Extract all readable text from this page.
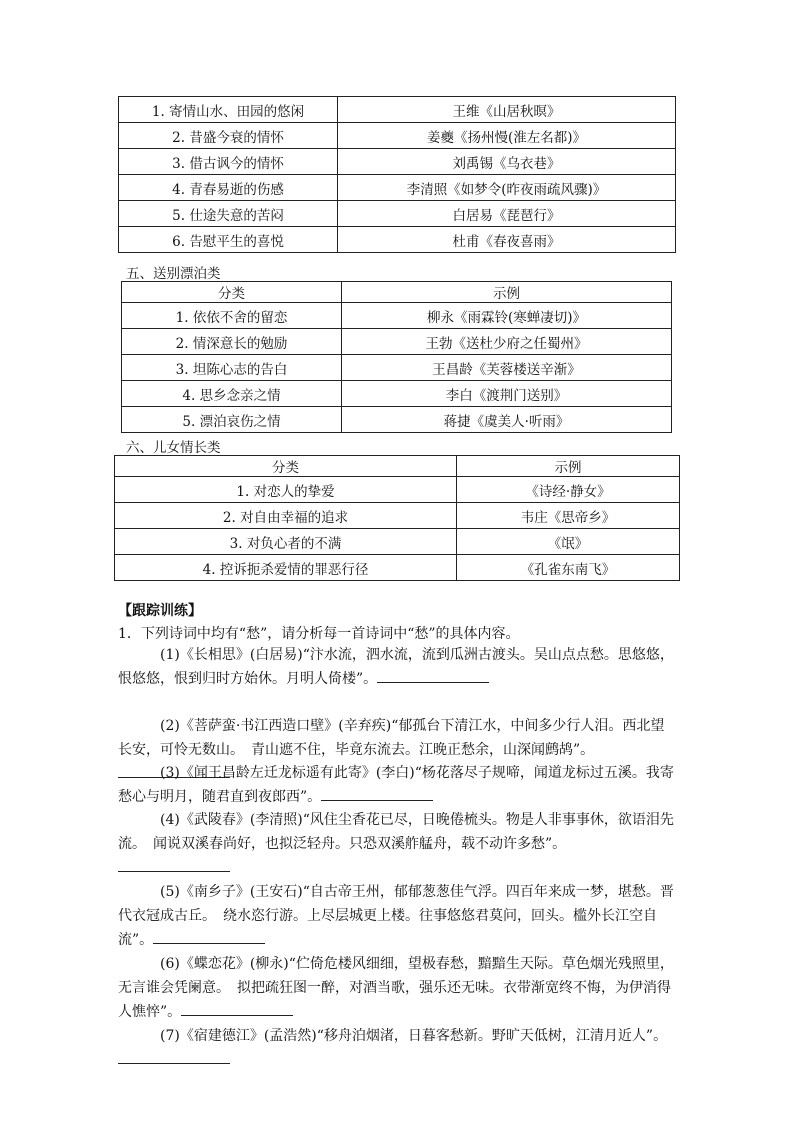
1. 寄情山水、田园的悠闲	王维《山居秋暝》
2. 昔盛今衰的情怀	姜夔《扬州慢(淮左名都)》
3. 借古讽今的情怀	刘禹锡《乌衣巷》
4. 青春易逝的伤感	李清照《如梦令(昨夜雨疏风骤)》
5. 仕途失意的苦闷	白居易《琵琶行》
6. 告慰平生的喜悦	杜甫《春夜喜雨》
五、送别漂泊类
分类	示例
1. 依依不舍的留恋	柳永《雨霖铃(寒蝉凄切)》
2. 情深意长的勉励	王勃《送杜少府之任蜀州》
3. 坦陈心志的告白	王昌龄《芙蓉楼送辛渐》
4. 思乡念亲之情	李白《渡荆门送别》
5. 漂泊哀伤之情	蒋捷《虞美人·听雨》
六、儿女情长类
分类	示例
1. 对恋人的挚爱	《诗经·静女》
2. 对自由幸福的追求	韦庄《思帝乡》
3. 对负心者的不满	《氓》
4. 控诉扼杀爱情的罪恶行径	《孔雀东南飞》
【跟踪训练】
1．下列诗词中均有“愁”，请分析每一首诗词中“愁”的具体内容。
(1)《长相思》(白居易)“汴水流，泗水流，流到瓜洲古渡头。吴山点点愁。思悠悠，恨悠悠，恨到归时方始休。月明人倚楼”。
(2)《菩萨蛮·书江西造口壁》(辛弃疾)“郁孤台下清江水，中间多少行人泪。西北望长安，可怜无数山。　青山遮不住，毕竟东流去。江晚正愁余，山深闻鹧鸪”。
(3)《闻王昌龄左迁龙标遥有此寄》(李白)“杨花落尽子规啼，闻道龙标过五溪。我寄愁心与明月，随君直到夜郎西”。
(4)《武陵春》(李清照)“风住尘香花已尽，日晚倦梳头。物是人非事事休，欲语泪先流。　闻说双溪春尚好，也拟泛轻舟。只恐双溪舴艋舟，载不动许多愁”。
(5)《南乡子》(王安石)“自古帝王州，郁郁葱葱佳气浮。四百年来成一梦，堪愁。晋代衣冠成古丘。　绕水恣行游。上尽层城更上楼。往事悠悠君莫问，回头。槛外长江空自流”。
(6)《蝶恋花》(柳永)“伫倚危楼风细细，望极春愁，黯黯生天际。草色烟光残照里，无言谁会凭阑意。　拟把疏狂图一醉，对酒当歌，强乐还无味。衣带渐宽终不悔，为伊消得人憔悴”。
(7)《宿建德江》(孟浩然)“移舟泊烟渚，日暮客愁新。野旷天低树，江清月近人”。
